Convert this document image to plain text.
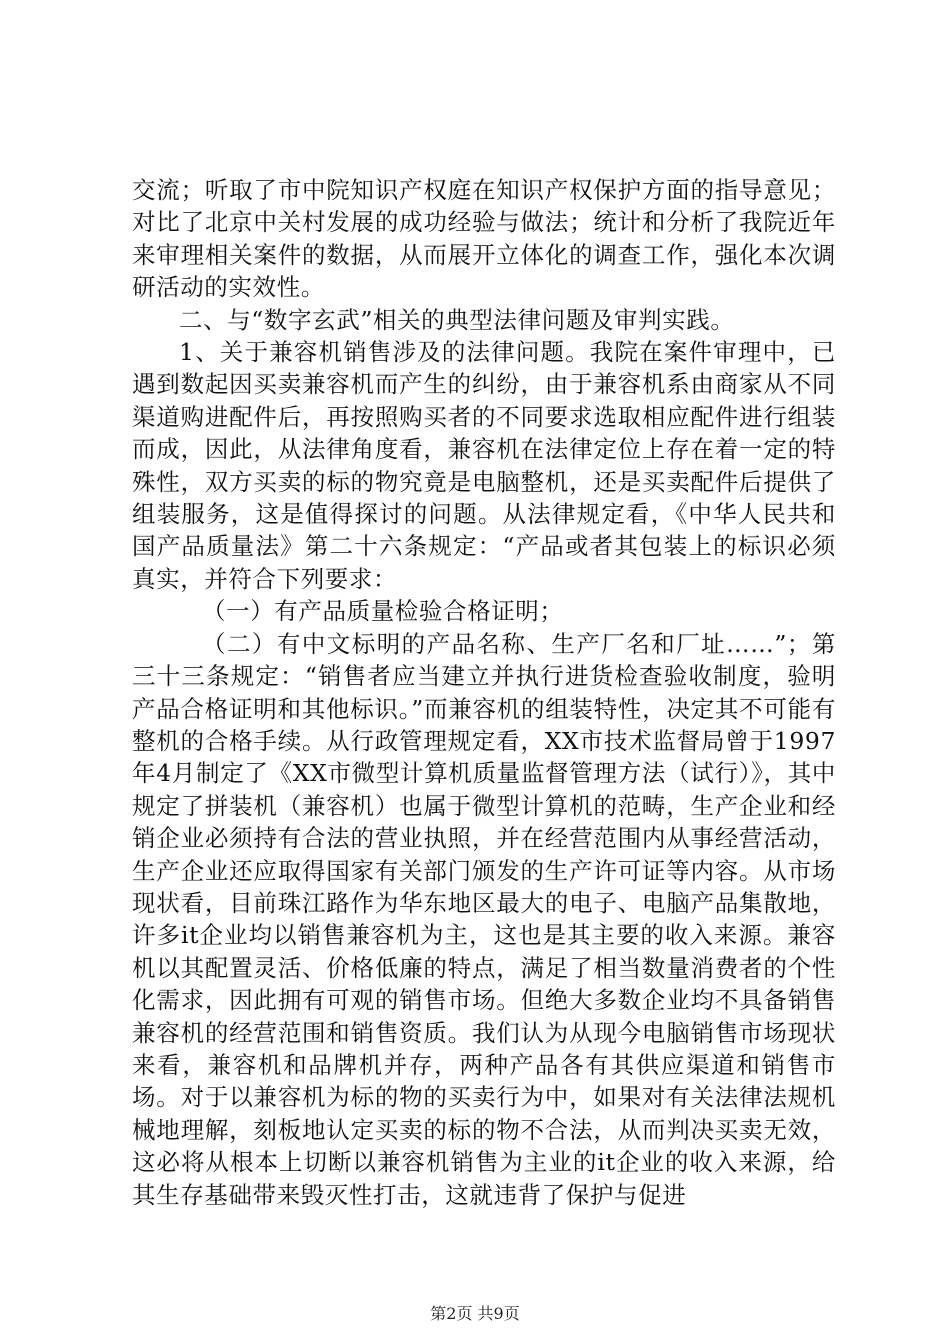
交流；听取了市中院知识产权庭在知识产权保护方面的指导意见；对比了北京中关村发展的成功经验与做法；统计和分析了我院近年来审理相关案件的数据，从而展开立体化的调查工作，强化本次调研活动的实效性。

二、与“数字玄武”相关的典型法律问题及审判实践。

1、关于兼容机销售涉及的法律问题。我院在案件审理中，已遇到数起因买卖兼容机而产生的纠纷，由于兼容机系由商家从不同渠道购进配件后，再按照购买者的不同要求选取相应配件进行组装而成，因此，从法律角度看，兼容机在法律定位上存在着一定的特殊性，双方买卖的标的物究竟是电脑整机，还是买卖配件后提供了组装服务，这是值得探讨的问题。从法律规定看，《中华人民共和国产品质量法》第二十六条规定：“产品或者其包装上的标识必须真实，并符合下列要求：

（一）有产品质量检验合格证明；

（二）有中文标明的产品名称、生产厂名和厂址……”；第三十三条规定：“销售者应当建立并执行进货检查验收制度，验明产品合格证明和其他标识。”而兼容机的组装特性，决定其不可能有整机的合格手续。从行政管理规定看，XX市技术监督局曾于1997年4月制定了《XX市微型计算机质量监督管理方法（试行）》，其中规定了拼装机（兼容机）也属于微型计算机的范畴，生产企业和经销企业必须持有合法的营业执照，并在经营范围内从事经营活动，生产企业还应取得国家有关部门颁发的生产许可证等内容。从市场现状看，目前珠江路作为华东地区最大的电子、电脑产品集散地，许多it企业均以销售兼容机为主，这也是其主要的收入来源。兼容机以其配置灵活、价格低廉的特点，满足了相当数量消费者的个性化需求，因此拥有可观的销售市场。但绝大多数企业均不具备销售兼容机的经营范围和销售资质。我们认为从现今电脑销售市场现状来看，兼容机和品牌机并存，两种产品各有其供应渠道和销售市场。对于以兼容机为标的物的买卖行为中，如果对有关法律法规机械地理解，刻板地认定买卖的标的物不合法，从而判决买卖无效，这必将从根本上切断以兼容机销售为主业的it企业的收入来源，给其生存基础带来毁灭性打击，这就违背了保护与促进

第2页 共9页
